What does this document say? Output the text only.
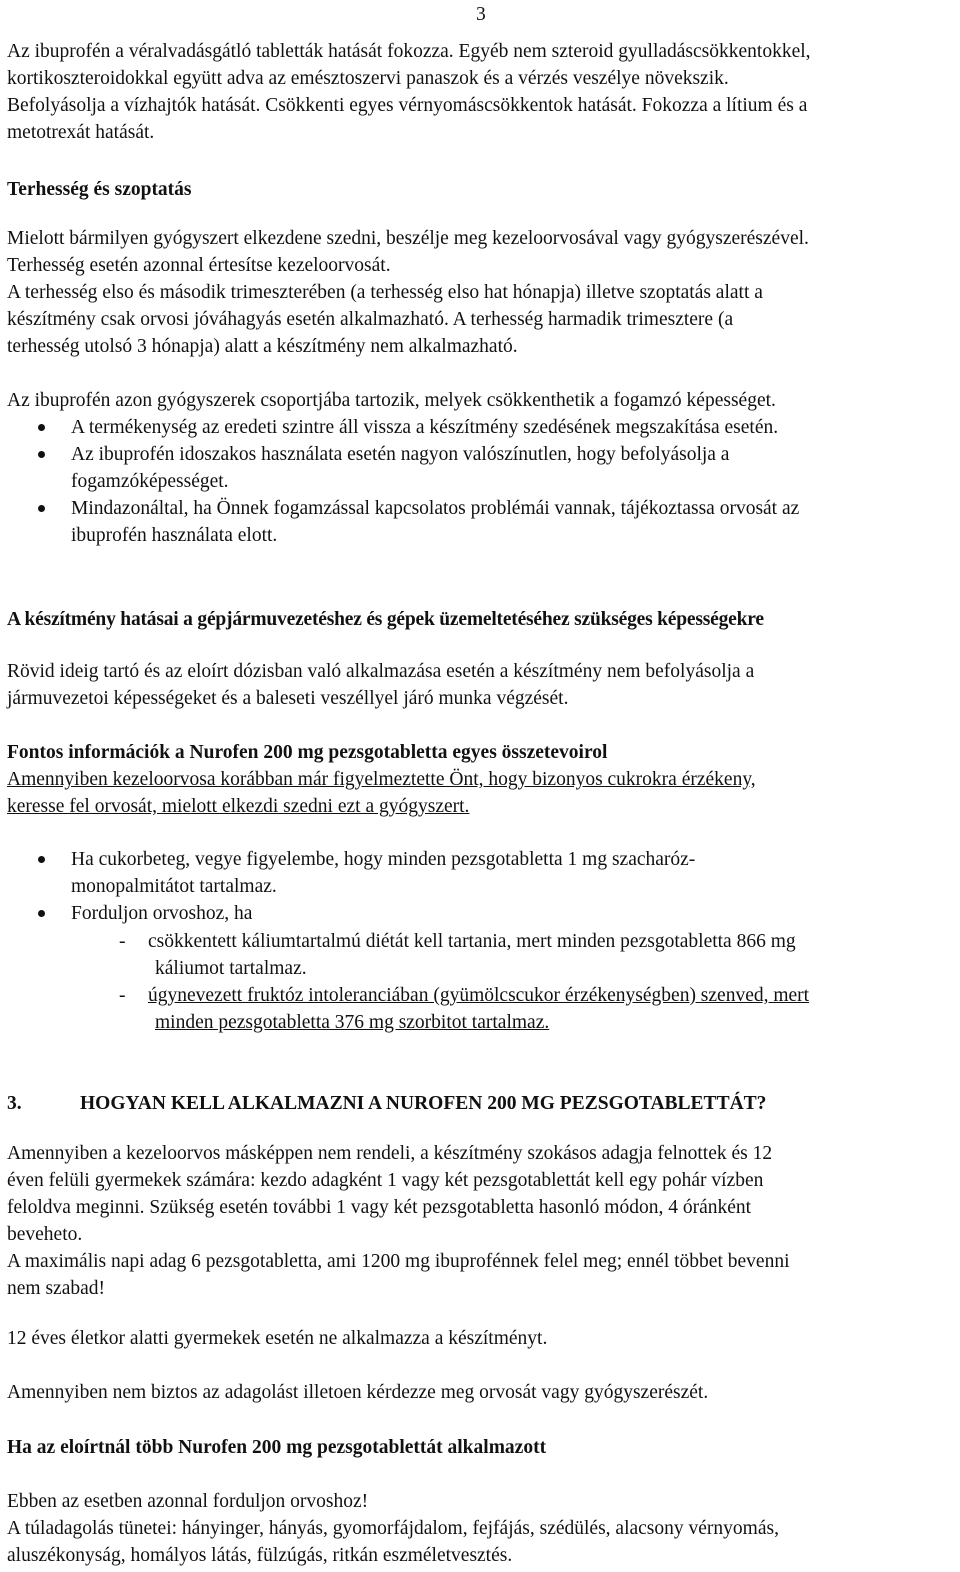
3

Az ibuprofén a véralvadásgátló tabletták hatását fokozza. Egyéb nem szteroid gyulladáscsökkentokkel,

kortikoszteroidokkal együtt adva az emésztoszervi panaszok és a vérzés veszélye növekszik.

Befolyásolja a vízhajtók hatását. Csökkenti egyes vérnyomáscsökkentok hatását. Fokozza a lítium és a

metotrexát hatását.

Terhesség és szoptatás

Mielott bármilyen gyógyszert elkezdene szedni, beszélje meg kezeloorvosával vagy gyógyszerészével.

Terhesség esetén azonnal értesítse kezeloorvosát.

A terhesség elso és második trimeszterében (a terhesség elso hat hónapja) illetve szoptatás alatt a

készítmény csak orvosi jóváhagyás esetén alkalmazható. A terhesség harmadik trimesztere (a

terhesség utolsó 3 hónapja) alatt a készítmény nem alkalmazható.

Az ibuprofén azon gyógyszerek csoportjába tartozik, melyek csökkenthetik a fogamzó képességet.
A termékenység az eredeti szintre áll vissza a készítmény szedésének megszakítása esetén.

Az ibuprofén idoszakos használata esetén nagyon valószínutlen, hogy befolyásolja a

fogamzóképességet.

Mindazonáltal, ha Önnek fogamzással kapcsolatos problémái vannak, tájékoztassa orvosát az

ibuprofén használata elott.

A készítmény hatásai a gépjármuvezetéshez és gépek üzemeltetéséhez szükséges képességekre

Rövid ideig tartó és az eloírt dózisban való alkalmazása esetén a készítmény nem befolyásolja a

jármuvezetoi képességeket és a baleseti veszéllyel járó munka végzését.

Fontos információk a Nurofen 200 mg pezsgotabletta egyes összetevoirol

Amennyiben kezeloorvosa korábban már figyelmeztette Önt, hogy bizonyos cukrokra érzékeny,

keresse fel orvosát, mielott elkezdi szedni ezt a gyógyszert.

Ha cukorbeteg, vegye figyelembe, hogy minden pezsgotabletta 1 mg szacharóz-

monopalmitátot tartalmaz.

Forduljon orvoshoz, ha
- csökkentett káliumtartalmú diétát kell tartania, mert minden pezsgotabletta 866 mg

káliumot tartalmaz.

- úgynevezett fruktóz intoleranciában (gyümölcscukor érzékenységben) szenved, mert

minden pezsgotabletta 376 mg szorbitot tartalmaz.

3.	HOGYAN KELL ALKALMAZNI A NUROFEN 200 MG PEZSGOTABLETTÁT?

Amennyiben a kezeloorvos másképpen nem rendeli, a készítmény szokásos adagja felnottek és 12

éven felüli gyermekek számára: kezdo adagként 1 vagy két pezsgotablettát kell egy pohár vízben

feloldva meginni. Szükség esetén további 1 vagy két pezsgotabletta hasonló módon, 4 óránként

beveheto.

A maximális napi adag 6 pezsgotabletta, ami 1200 mg ibuprofénnek felel meg; ennél többet bevenni

nem szabad!

12 éves életkor alatti gyermekek esetén ne alkalmazza a készítményt.
Amennyiben nem biztos az adagolást illetoen kérdezze meg orvosát vagy gyógyszerészét.
Ha az eloírtnál több Nurofen 200 mg pezsgotablettát alkalmazott

Ebben az esetben azonnal forduljon orvoshoz!

A túladagolás tünetei: hányinger, hányás, gyomorfájdalom, fejfájás, szédülés, alacsony vérnyomás,

aluszékonyság, homályos látás, fülzúgás, ritkán eszméletvesztés.
